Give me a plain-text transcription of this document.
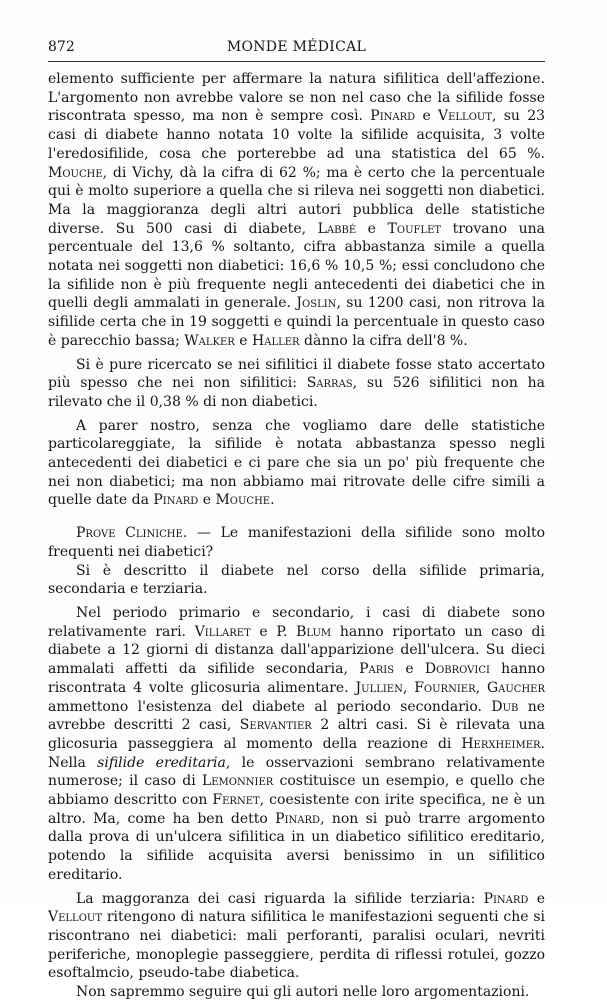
872	MONDE MÉDICAL

elemento sufficiente per affermare la natura sifilitica dell'affezione. L'argomento non avrebbe valore se non nel caso che la sifilide fosse riscontrata spesso, ma non è sempre così. Pinard e Vellout, su 23 casi di diabete hanno notata 10 volte la sifilide acquisita, 3 volte l'eredosifilide, cosa che porterebbe ad una statistica del 65 %. Mouche, di Vichy, dà la cifra di 62 %; ma è certo che la percentuale qui è molto superiore a quella che si rileva nei soggetti non diabetici. Ma la maggioranza degli altri autori pubblica delle statistiche diverse. Su 500 casi di diabete, Labbé e Touflet trovano una percentuale del 13,6 % soltanto, cifra abbastanza simile a quella notata nei soggetti non diabetici: 16,6 % 10,5 %; essi concludono che la sifilide non è più frequente negli antecedenti dei diabetici che in quelli degli ammalati in generale. Joslin, su 1200 casi, non ritrova la sifilide certa che in 19 soggetti e quindi la percentuale in questo caso è parecchio bassa; Walker e Haller dànno la cifra dell'8 %.

Si è pure ricercato se nei sifilitici il diabete fosse stato accertato più spesso che nei non sifilitici: Sarras, su 526 sifilitici non ha rilevato che il 0,38 % di non diabetici.

A parer nostro, senza che vogliamo dare delle statistiche particolareggiate, la sifilide è notata abbastanza spesso negli antecedenti dei diabetici e ci pare che sia un po' più frequente che nei non diabetici; ma non abbiamo mai ritrovate delle cifre simili a quelle date da Pinard e Mouche.

Prove Cliniche. — Le manifestazioni della sifilide sono molto frequenti nei diabetici?

Si è descritto il diabete nel corso della sifilide primaria, secondaria e terziaria.

Nel periodo primario e secondario, i casi di diabete sono relativamente rari. Villaret e P. Blum hanno riportato un caso di diabete a 12 giorni di distanza dall'apparizione dell'ulcera. Su dieci ammalati affetti da sifilide secondaria, Paris e Dobrovici hanno riscontrata 4 volte glicosuria alimentare. Jullien, Fournier, Gaucher ammettono l'esistenza del diabete al periodo secondario. Dub ne avrebbe descritti 2 casi, Servantier 2 altri casi. Si è rilevata una glicosuria passeggiera al momento della reazione di Herxheimer. Nella sifilide ereditaria, le osservazioni sembrano relativamente numerose; il caso di Lemonnier costituisce un esempio, e quello che abbiamo descritto con Fernet, coesistente con irite specifica, ne è un altro. Ma, come ha ben detto Pinard, non si può trarre argomento dalla prova di un'ulcera sifilitica in un diabetico sifilitico ereditario, potendo la sifilide acquisita aversi benissimo in un sifilitico ereditario.

La maggoranza dei casi riguarda la sifilide terziaria: Pinard e Vellout ritengono di natura sifilitica le manifestazioni seguenti che si riscontrano nei diabetici: mali perforanti, paralisi oculari, nevriti periferiche, monoplegie passeggiere, perdita di riflessi rotulei, gozzo esoftalmcio, pseudo-tabe diabetica.

Non sapremmo seguire qui gli autori nelle loro argomentazioni.
